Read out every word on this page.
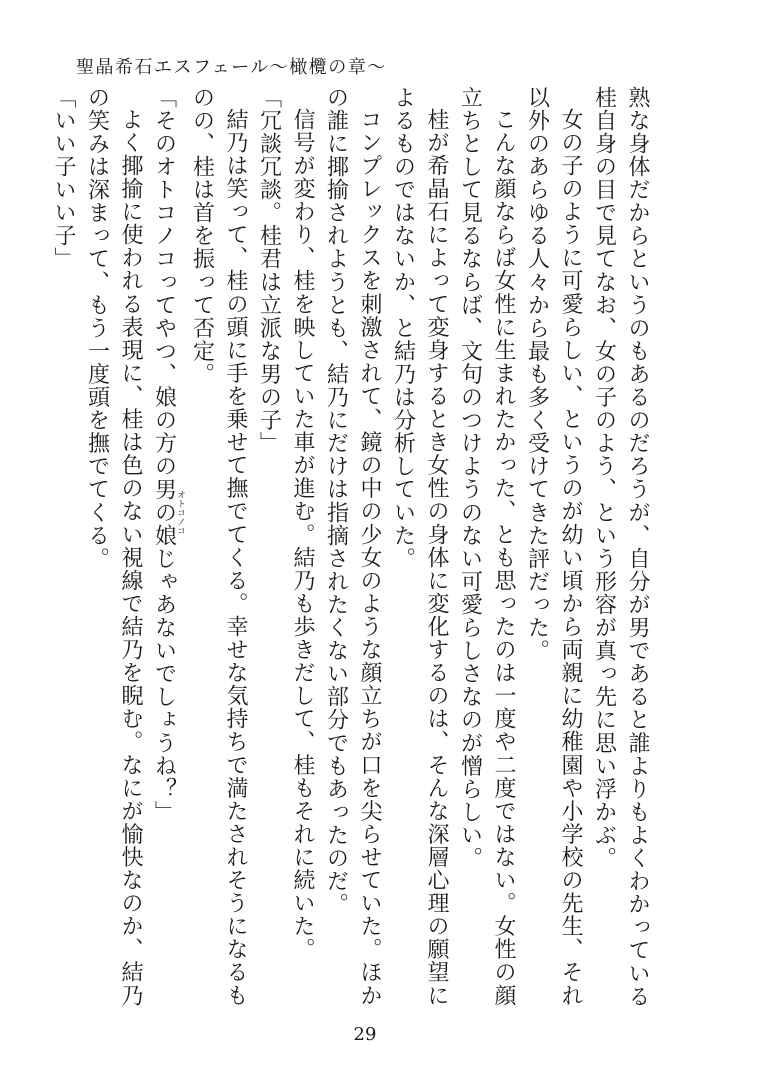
聖晶希石エスフェール～橄欖の章～

熟な身体だからというのもあるのだろうが、自分が男であると誰よりもよくわかっている桂自身の目で見てなお、女の子のよう、という形容が真っ先に思い浮かぶ。

女の子のように可愛らしい、というのが幼い頃から両親に幼稚園や小学校の先生、それ以外のあらゆる人々から最も多く受けてきた評だった。

こんな顔ならば女性に生まれたかった、とも思ったのは一度や二度ではない。女性の顔立ちとして見るならば、文句のつけようのない可愛らしさなのが憎らしい。

桂が希晶石によって変身するとき女性の身体に変化するのは、そんな深層心理の願望によるものではないか、と結乃は分析していた。

コンプレックスを刺激されて、鏡の中の少女のような顔立ちが口を尖らせていた。ほかの誰に揶揄されようとも、結乃にだけは指摘されたくない部分でもあったのだ。

信号が変わり、桂を映していた車が進む。結乃も歩きだして、桂もそれに続いた。

「冗談冗談。桂君は立派な男の子」

結乃は笑って、桂の頭に手を乗せて撫でてくる。幸せな気持ちで満たされそうになるものの、桂は首を振って否定。

「そのオトコノコってやつ、娘の方の男の娘オトコノコじゃあないでしょうね？」

よく揶揄に使われる表現に、桂は色のない視線で結乃を睨む。なにが愉快なのか、結乃の笑みは深まって、もう一度頭を撫でてくる。

「いい子いい子」

29
